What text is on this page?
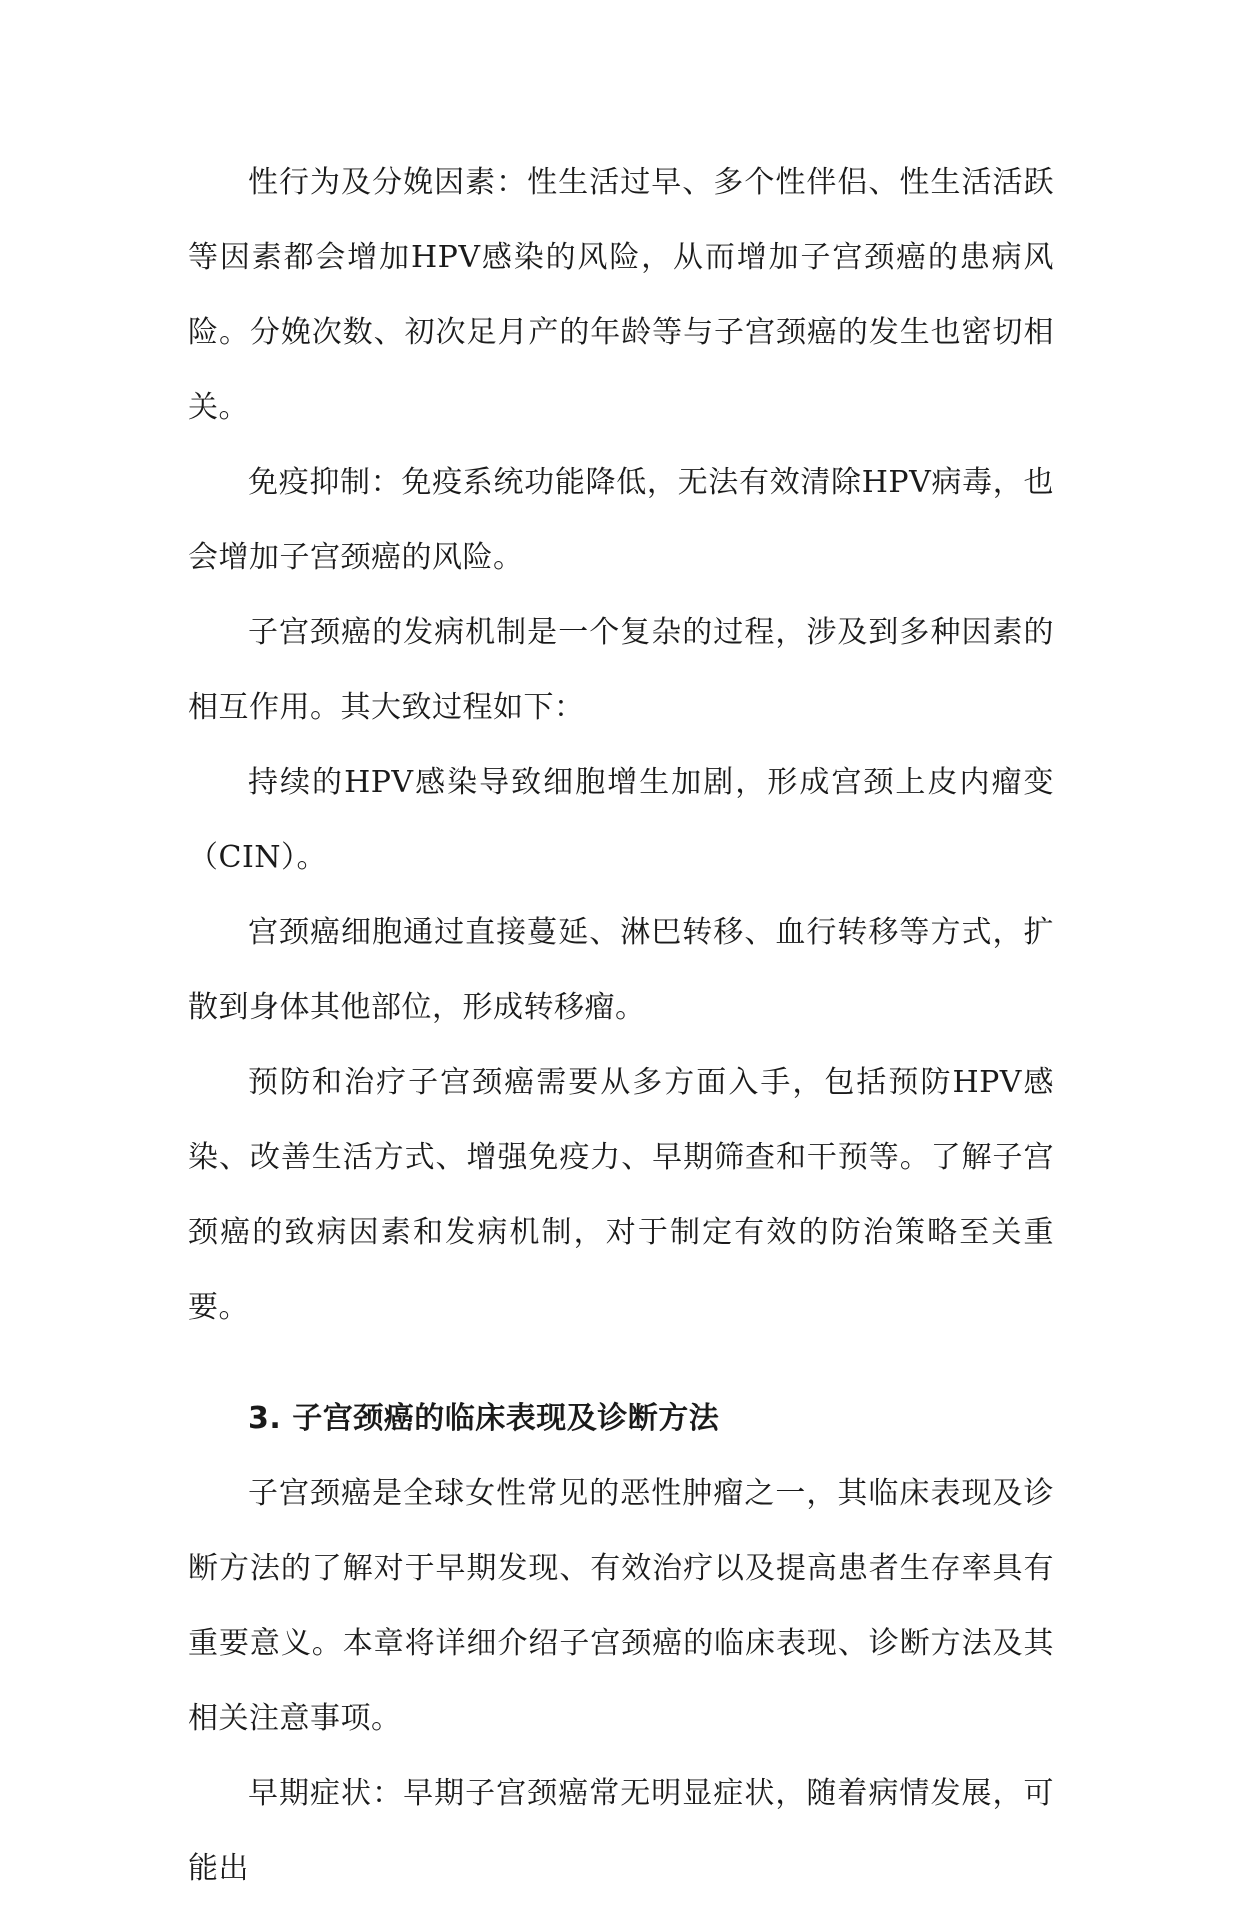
性行为及分娩因素：性生活过早、多个性伴侣、性生活活跃等因素都会增加HPV感染的风险，从而增加子宫颈癌的患病风险。分娩次数、初次足月产的年龄等与子宫颈癌的发生也密切相关。

免疫抑制：免疫系统功能降低，无法有效清除HPV病毒，也会增加子宫颈癌的风险。

子宫颈癌的发病机制是一个复杂的过程，涉及到多种因素的相互作用。其大致过程如下：

持续的HPV感染导致细胞增生加剧，形成宫颈上皮内瘤变（CIN）。

宫颈癌细胞通过直接蔓延、淋巴转移、血行转移等方式，扩散到身体其他部位，形成转移瘤。

预防和治疗子宫颈癌需要从多方面入手，包括预防HPV感染、改善生活方式、增强免疫力、早期筛查和干预等。了解子宫颈癌的致病因素和发病机制，对于制定有效的防治策略至关重要。

3. 子宫颈癌的临床表现及诊断方法

子宫颈癌是全球女性常见的恶性肿瘤之一，其临床表现及诊断方法的了解对于早期发现、有效治疗以及提高患者生存率具有重要意义。本章将详细介绍子宫颈癌的临床表现、诊断方法及其相关注意事项。

早期症状：早期子宫颈癌常无明显症状，随着病情发展，可能出
